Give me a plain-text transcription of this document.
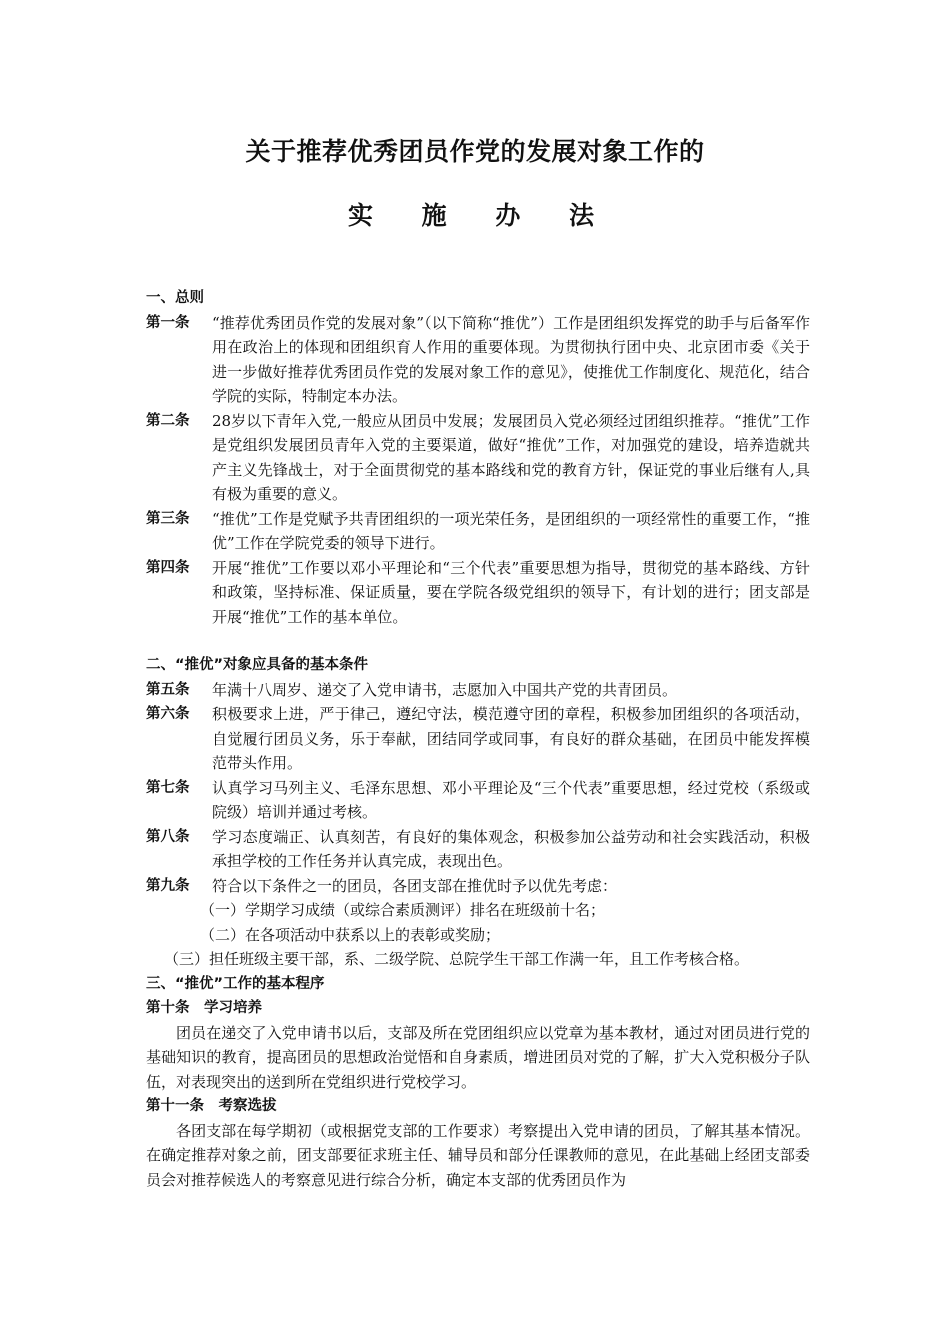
关于推荐优秀团员作党的发展对象工作的
实 施 办 法
一、总则
第一条	“推荐优秀团员作党的发展对象”（以下简称“推优”）工作是团组织发挥党的助手与后备军作用在政治上的体现和团组织育人作用的重要体现。为贯彻执行团中央、北京团市委《关于进一步做好推荐优秀团员作党的发展对象工作的意见》，使推优工作制度化、规范化，结合学院的实际，特制定本办法。
第二条	28岁以下青年入党,一般应从团员中发展；发展团员入党必须经过团组织推荐。“推优”工作是党组织发展团员青年入党的主要渠道，做好“推优”工作，对加强党的建设，培养造就共产主义先锋战士，对于全面贯彻党的基本路线和党的教育方针，保证党的事业后继有人,具有极为重要的意义。
第三条	“推优”工作是党赋予共青团组织的一项光荣任务，是团组织的一项经常性的重要工作，“推优”工作在学院党委的领导下进行。
第四条	开展“推优”工作要以邓小平理论和“三个代表”重要思想为指导，贯彻党的基本路线、方针和政策，坚持标准、保证质量，要在学院各级党组织的领导下，有计划的进行；团支部是开展“推优”工作的基本单位。
二、“推优”对象应具备的基本条件
第五条	年满十八周岁、递交了入党申请书，志愿加入中国共产党的共青团员。
第六条	积极要求上进，严于律己，遵纪守法，模范遵守团的章程，积极参加团组织的各项活动，自觉履行团员义务，乐于奉献，团结同学或同事，有良好的群众基础，在团员中能发挥模范带头作用。
第七条	认真学习马列主义、毛泽东思想、邓小平理论及“三个代表”重要思想，经过党校（系级或院级）培训并通过考核。
第八条	学习态度端正、认真刻苦，有良好的集体观念，积极参加公益劳动和社会实践活动，积极承担学校的工作任务并认真完成，表现出色。
第九条	符合以下条件之一的团员，各团支部在推优时予以优先考虑：
（一）学期学习成绩（或综合素质测评）排名在班级前十名；
（二）在各项活动中获系以上的表彰或奖励；
（三）担任班级主要干部，系、二级学院、总院学生干部工作满一年，且工作考核合格。
三、“推优”工作的基本程序
第十条　学习培养
团员在递交了入党申请书以后，支部及所在党团组织应以党章为基本教材，通过对团员进行党的基础知识的教育，提高团员的思想政治觉悟和自身素质，增进团员对党的了解，扩大入党积极分子队伍，对表现突出的送到所在党组织进行党校学习。
第十一条　考察选拔
各团支部在每学期初（或根据党支部的工作要求）考察提出入党申请的团员，了解其基本情况。在确定推荐对象之前，团支部要征求班主任、辅导员和部分任课教师的意见，在此基础上经团支部委员会对推荐候选人的考察意见进行综合分析，确定本支部的优秀团员作为
